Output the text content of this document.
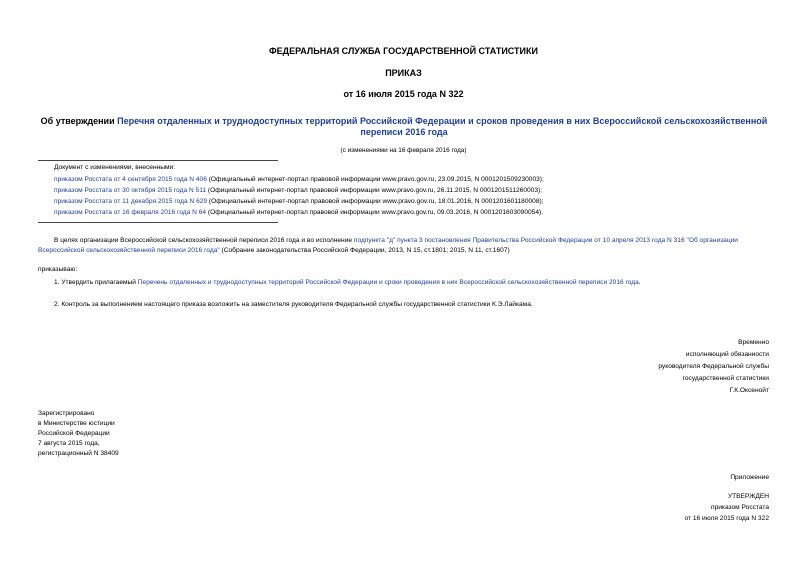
ФЕДЕРАЛЬНАЯ СЛУЖБА ГОСУДАРСТВЕННОЙ СТАТИСТИКИ
ПРИКАЗ
от 16 июля 2015 года N 322
Об утверждении Перечня отдаленных и труднодоступных территорий Российской Федерации и сроков проведения в них Всероссийской сельскохозяйственной переписи 2016 года
(с изменениями на 16 февраля 2016 года)
Документ с изменениями, внесенными:
приказом Росстата от 4 сентября 2015 года N 406 (Официальный интернет-портал правовой информации www.pravo.gov.ru, 23.09.2015, N 0001201509230003);
приказом Росстата от 30 октября 2015 года N 511 (Официальный интернет-портал правовой информации www.pravo.gov.ru, 26.11.2015, N 0001201511260003);
приказом Росстата от 11 декабря 2015 года N 629 (Официальный интернет-портал правовой информации www.pravo.gov.ru, 18.01.2016, N 0001201601180008);
приказом Росстата от 16 февраля 2016 года N 64 (Официальный интернет-портал правовой информации www.pravo.gov.ru, 09.03.2016, N 0001201603090054).
В целях организации Всероссийской сельскохозяйственной переписи 2016 года и во исполнение подпункта "д" пункта 3 постановления Правительства Российской Федерации от 10 апреля 2013 года N 316 "Об организации Всероссийской сельскохозяйственной переписи 2016 года" (Собрание законодательства Российской Федерации, 2013, N 15, ст.1801; 2015, N 11, ст.1607)
приказываю:
1. Утвердить прилагаемый Перечень отдаленных и труднодоступных территорий Российской Федерации и сроки проведения в них Всероссийской сельскохозяйственной переписи 2016 года.
2. Контроль за выполнением настоящего приказа возложить на заместителя руководителя Федеральной службы государственной статистики К.Э.Лайкама.
Временно
исполняющий обязанности
руководителя Федеральной службы
государственной статистики
Г.К.Оксенойт
Зарегистрировано
в Министерстве юстиции
Российской Федерации
7 августа 2015 года,
регистрационный N 38409
Приложение
УТВЕРЖДЕН
приказом Росстата
от 16 июля 2015 года N 322
